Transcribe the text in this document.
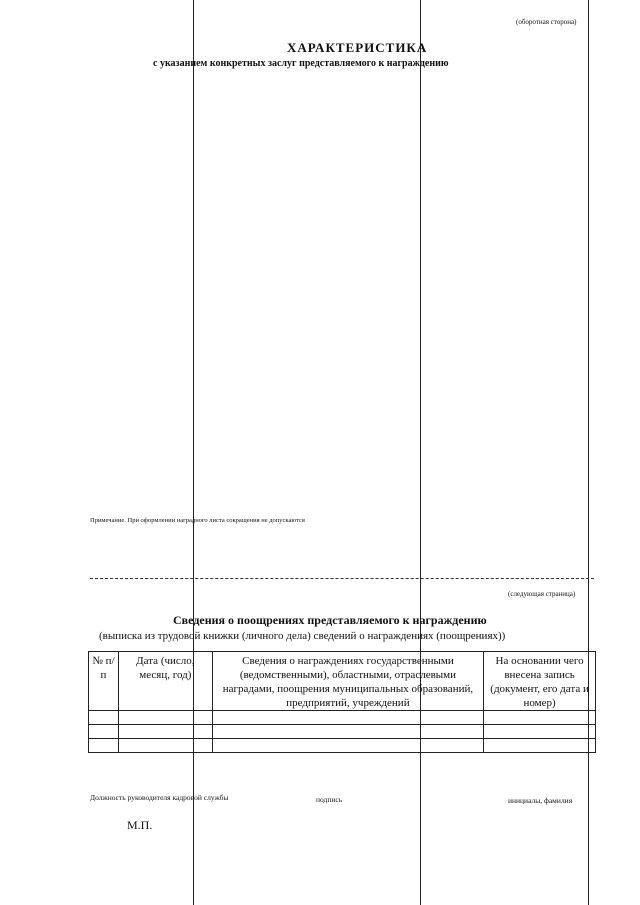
(оборотная сторона)
ХАРАКТЕРИСТИКА
с указанием конкретных заслуг представляемого к награждению
Примечание. При оформлении наградного листа сокращения не допускаются
(следующая страница)
Сведения о поощрениях представляемого к награждению
(выписка из трудовой книжки (личного дела) сведений о награждениях (поощрениях))
№ п/п	Дата (число, месяц, год)	Сведения о награждениях государственными (ведомственными), областными, отраслевыми наградами, поощрения муниципальных образований, предприятий, учреждений	На основании чего внесена запись (документ, его дата и номер)

Должность руководителя кадровой службы	подпись	инициалы, фамилия
М.П.
